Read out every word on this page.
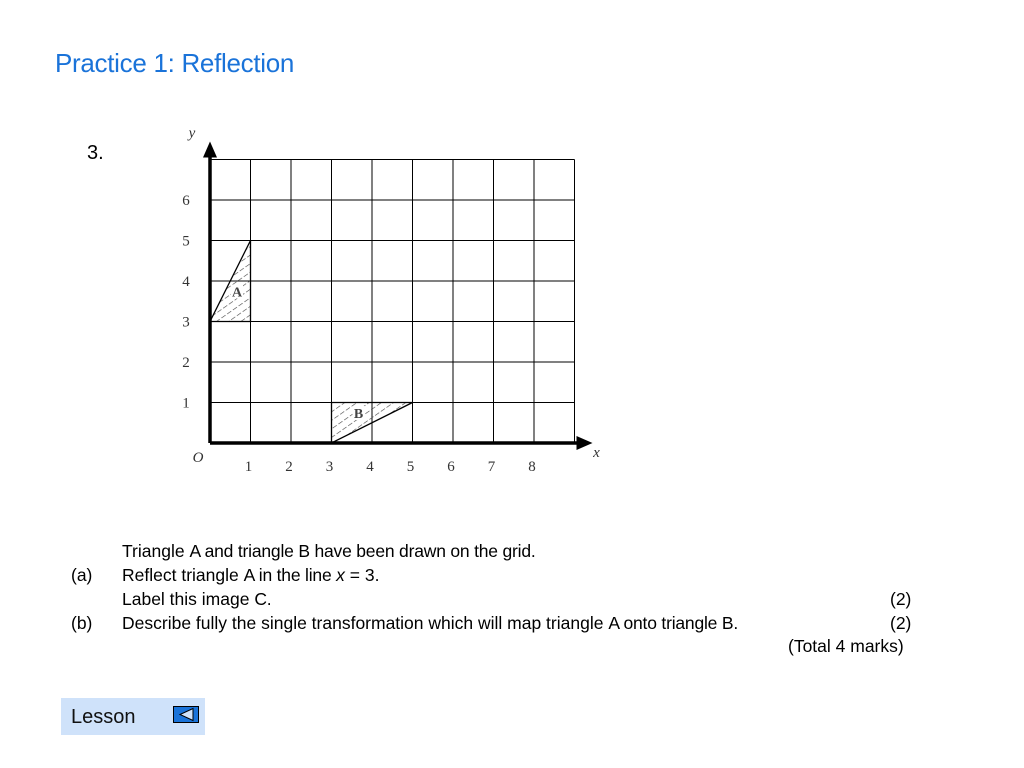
Practice 1: Reflection
3.
1 2 3 4 5 6 7 8
1
2
3
4
5
6
O	x
y
A
B
Triangle A and triangle B have been drawn on the grid.
(a) Reflect triangle A in the line x = 3.
Label this image C.	(2)
(b) Describe fully the single transformation which will map triangle A onto triangle B.	(2)
(Total 4 marks)
Lesson
